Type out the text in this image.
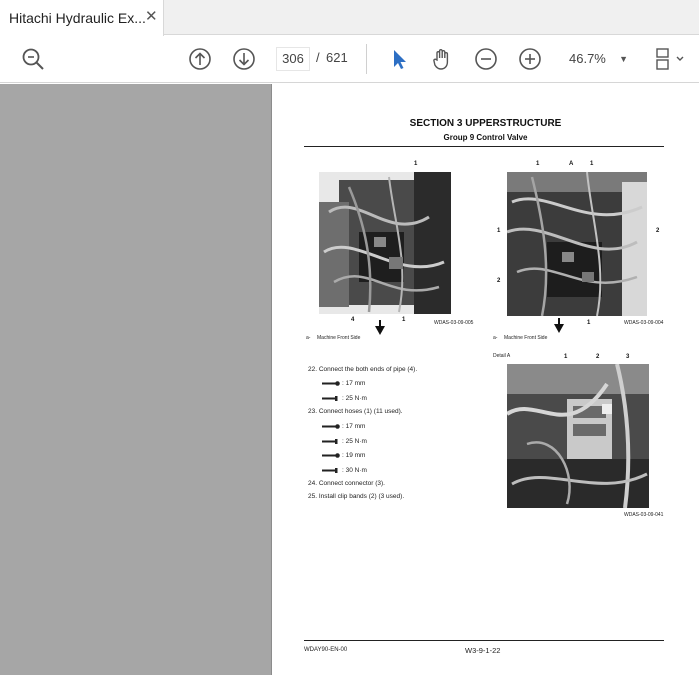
Hitachi Hydraulic Ex... ✕
306 / 621	46.7% ▼
SECTION 3 UPPERSTRUCTURE
Group 9 Control Valve
1
4	1	WDAS-03-09-005
a- Machine Front Side
1	A	1
1	2
2
1	WDAS-03-09-004
a- Machine Front Side
Detail A	1	2	3
WDAS-03-09-041
22. Connect the both ends of pipe (4).
: 17 mm
: 25 N·m
23. Connect hoses (1) (11 used).
: 17 mm
: 25 N·m
: 19 mm
: 30 N·m
24. Connect connector (3).
25. Install clip bands (2) (3 used).
WDAY90-EN-00	W3-9-1-22
